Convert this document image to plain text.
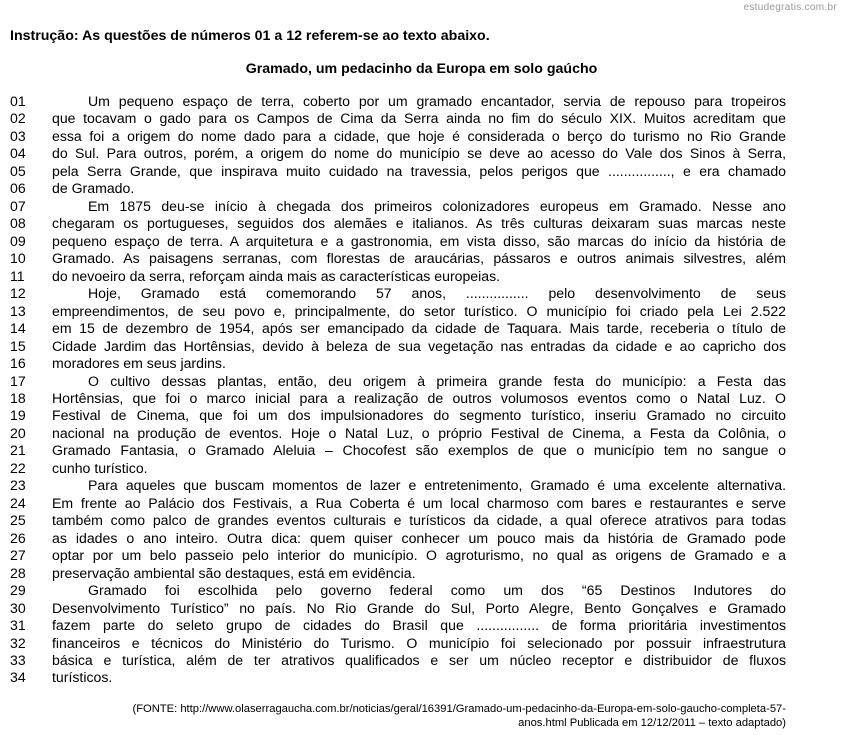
estudegratis.com.br
Instrução: As questões de números 01 a 12 referem-se ao texto abaixo.
Gramado, um pedacinho da Europa em solo gaúcho
01	Um pequeno espaço de terra, coberto por um gramado encantador, servia de repouso para tropeiros
02	que tocavam o gado para os Campos de Cima da Serra ainda no fim do século XIX. Muitos acreditam que
03	essa foi a origem do nome dado para a cidade, que hoje é considerada o berço do turismo no Rio Grande
04	do Sul. Para outros, porém, a origem do nome do município se deve ao acesso do Vale dos Sinos à Serra,
05	pela Serra Grande, que inspirava muito cuidado na travessia, pelos perigos que ................, e era chamado
06	de Gramado.
07	Em 1875 deu-se início à chegada dos primeiros colonizadores europeus em Gramado. Nesse ano
08	chegaram os portugueses, seguidos dos alemães e italianos. As três culturas deixaram suas marcas neste
09	pequeno espaço de terra. A arquitetura e a gastronomia, em vista disso, são marcas do início da história de
10	Gramado. As paisagens serranas, com florestas de araucárias, pássaros e outros animais silvestres, além
11	do nevoeiro da serra, reforçam ainda mais as características europeias.
12	Hoje, Gramado está comemorando 57 anos, ................ pelo desenvolvimento de seus
13	empreendimentos, de seu povo e, principalmente, do setor turístico. O município foi criado pela Lei 2.522
14	em 15 de dezembro de 1954, após ser emancipado da cidade de Taquara. Mais tarde, receberia o título de
15	Cidade Jardim das Hortênsias, devido à beleza de sua vegetação nas entradas da cidade e ao capricho dos
16	moradores em seus jardins.
17	O cultivo dessas plantas, então, deu origem à primeira grande festa do município: a Festa das
18	Hortênsias, que foi o marco inicial para a realização de outros volumosos eventos como o Natal Luz. O
19	Festival de Cinema, que foi um dos impulsionadores do segmento turístico, inseriu Gramado no circuito
20	nacional na produção de eventos. Hoje o Natal Luz, o próprio Festival de Cinema, a Festa da Colônia, o
21	Gramado Fantasia, o Gramado Aleluia – Chocofest são exemplos de que o município tem no sangue o
22	cunho turístico.
23	Para aqueles que buscam momentos de lazer e entretenimento, Gramado é uma excelente alternativa.
24	Em frente ao Palácio dos Festivais, a Rua Coberta é um local charmoso com bares e restaurantes e serve
25	também como palco de grandes eventos culturais e turísticos da cidade, a qual oferece atrativos para todas
26	as idades o ano inteiro. Outra dica: quem quiser conhecer um pouco mais da história de Gramado pode
27	optar por um belo passeio pelo interior do município. O agroturismo, no qual as origens de Gramado e a
28	preservação ambiental são destaques, está em evidência.
29	Gramado foi escolhida pelo governo federal como um dos “65 Destinos Indutores do
30	Desenvolvimento Turístico” no país. No Rio Grande do Sul, Porto Alegre, Bento Gonçalves e Gramado
31	fazem parte do seleto grupo de cidades do Brasil que ................ de forma prioritária investimentos
32	financeiros e técnicos do Ministério do Turismo. O município foi selecionado por possuir infraestrutura
33	básica e turística, além de ter atrativos qualificados e ser um núcleo receptor e distribuidor de fluxos
34	turísticos.
(FONTE: http://www.olaserragaucha.com.br/noticias/geral/16391/Gramado-um-pedacinho-da-Europa-em-solo-gaucho-completa-57-
anos.html Publicada em 12/12/2011 – texto adaptado)
